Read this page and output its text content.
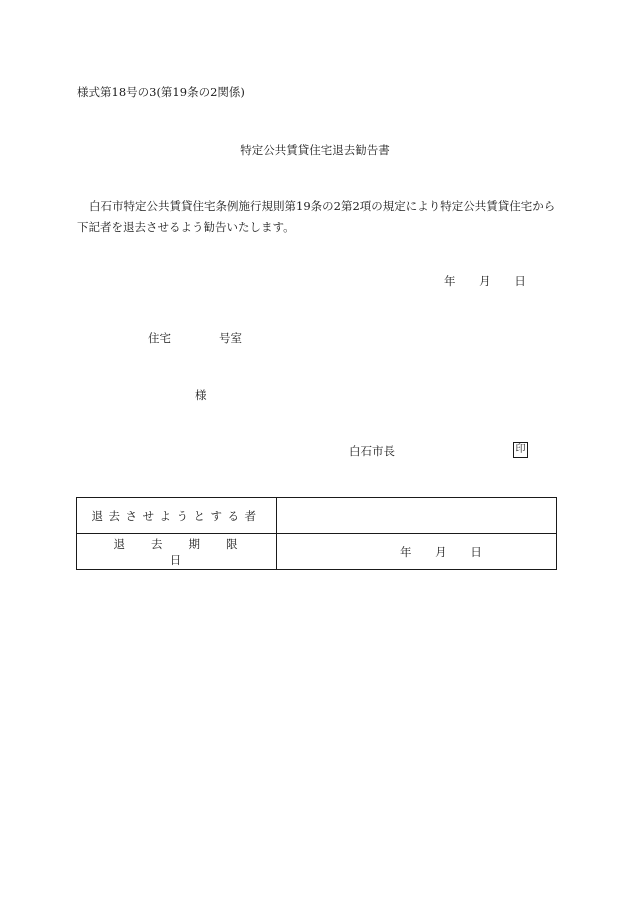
様式第18号の3(第19条の2関係)
特定公共賃貸住宅退去勧告書
白石市特定公共賃貸住宅条例施行規則第19条の2第2項の規定により特定公共賃貸住宅から下記者を退去させるよう勧告いたします。
年 月 日
住宅	号室
様
白石市長	印
退去させようとする者	
退去期限日	年 月 日
